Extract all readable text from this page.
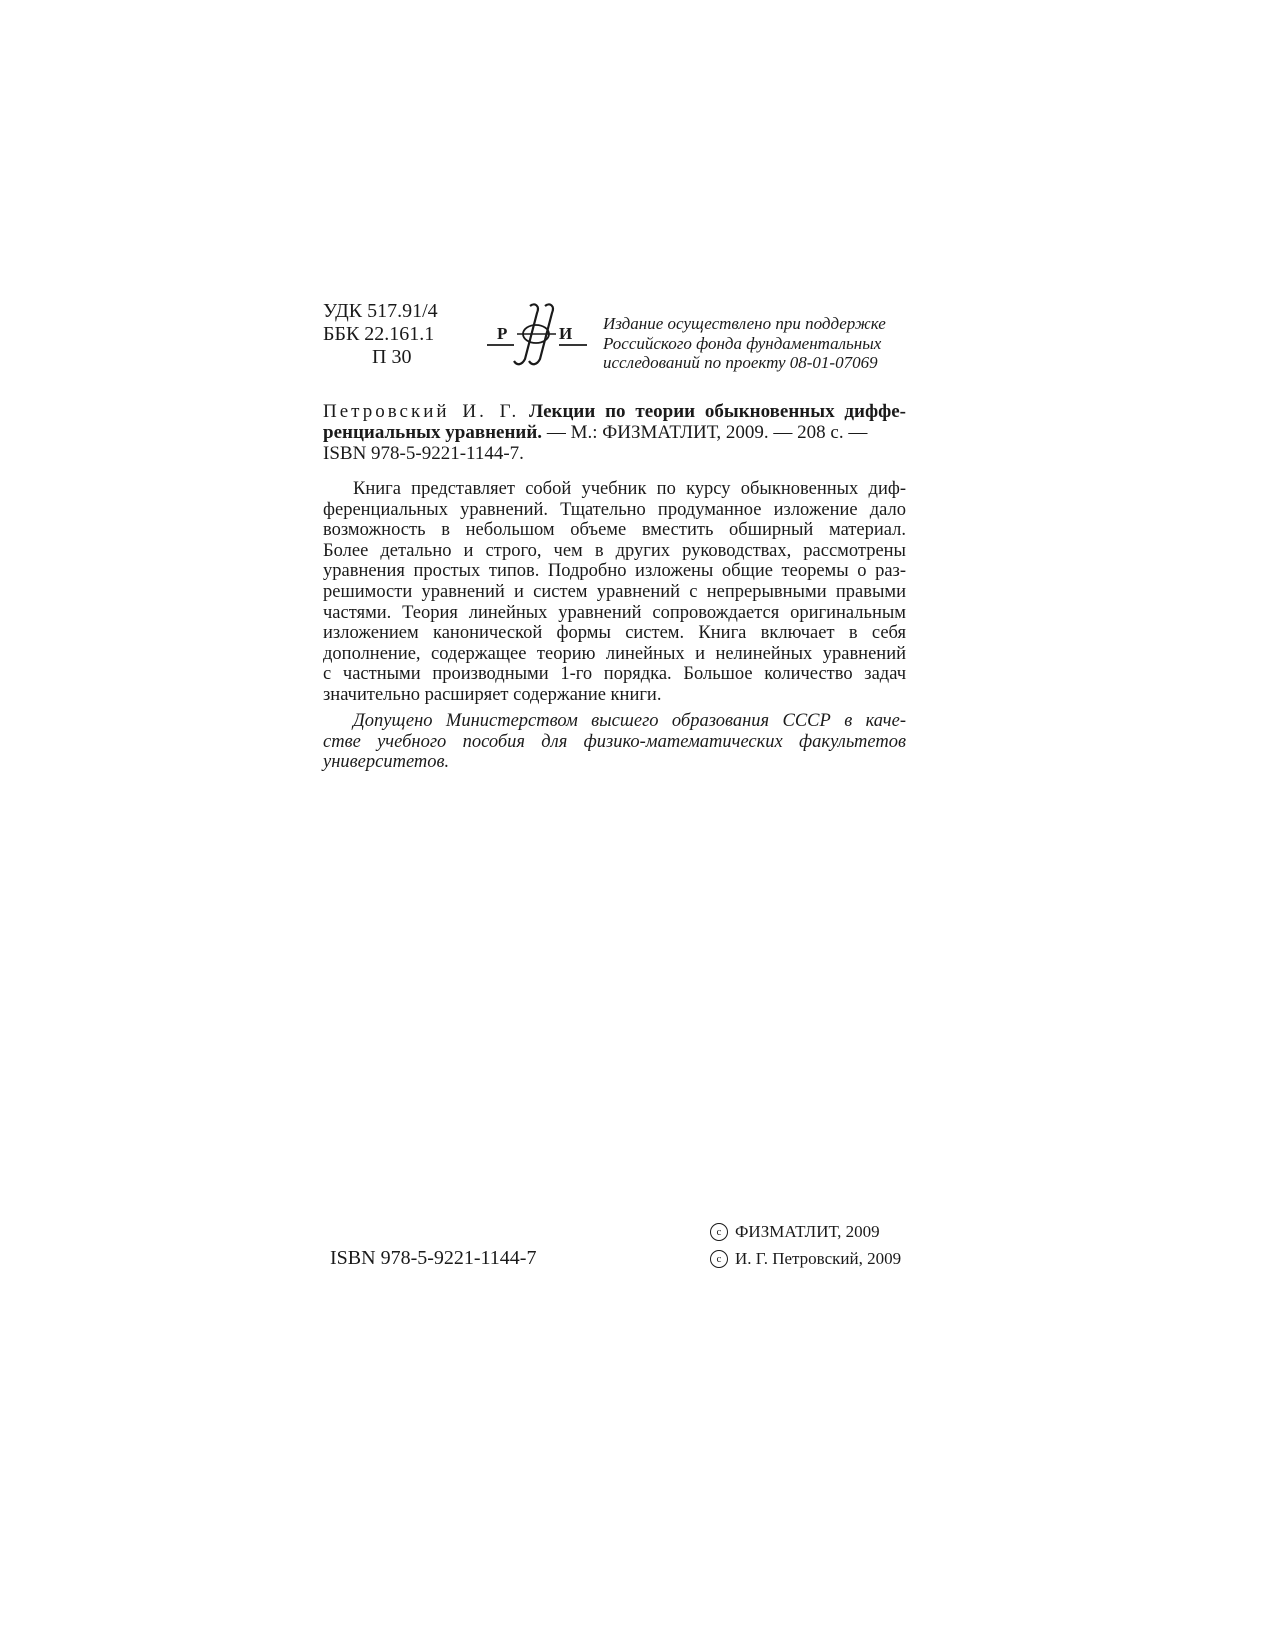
УДК 517.91/4
ББК 22.161.1
П 30
Р	И
Издание осуществлено при поддержке
Российского фонда фундаментальных
исследований по проекту 08-01-07069
Петровский И. Г. Лекции по теории обыкновенных диффе-
ренциальных уравнений. — М.: ФИЗМАТЛИТ, 2009. — 208 с. —
ISBN 978-5-9221-1144-7.
Книга представляет собой учебник по курсу обыкновенных диф-
ференциальных уравнений. Тщательно продуманное изложение дало
возможность в небольшом объеме вместить обширный материал.
Более детально и строго, чем в других руководствах, рассмотрены
уравнения простых типов. Подробно изложены общие теоремы о раз-
решимости уравнений и систем уравнений с непрерывными правыми
частями. Теория линейных уравнений сопровождается оригинальным
изложением канонической формы систем. Книга включает в себя
дополнение, содержащее теорию линейных и нелинейных уравнений
с частными производными 1-го порядка. Большое количество задач
значительно расширяет содержание книги.
Допущено Министерством высшего образования СССР в каче-
стве учебного пособия для физико-математических факультетов
университетов.
ISBN 978-5-9221-1144-7
c ФИЗМАТЛИТ, 2009
c И. Г. Петровский, 2009
